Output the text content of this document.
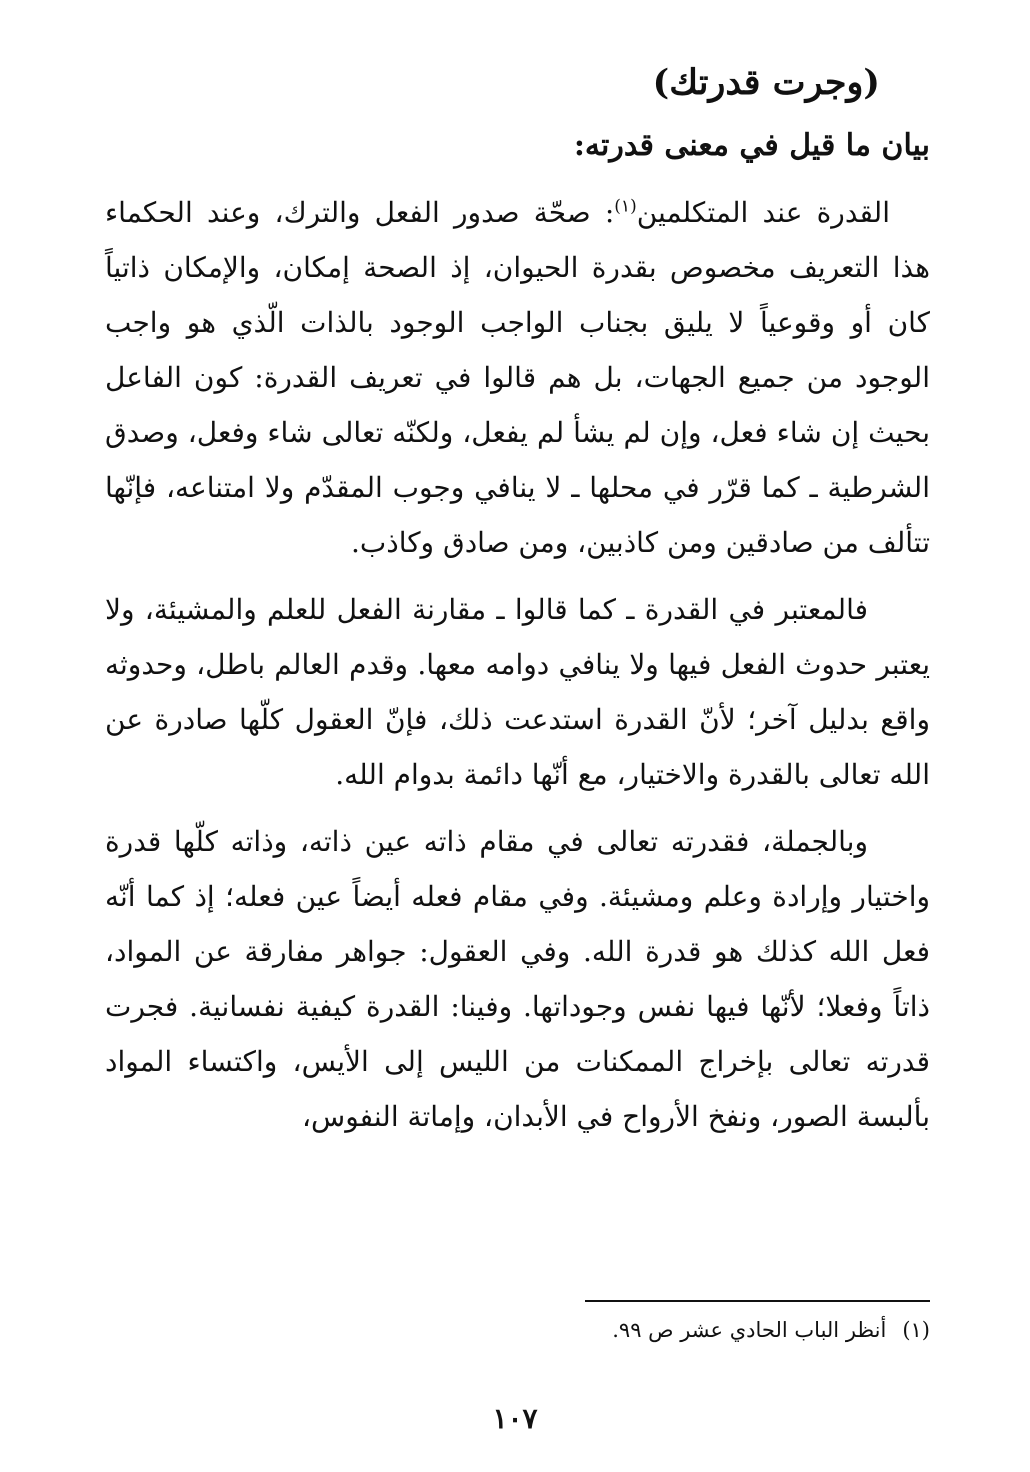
(وجرت قدرتك)
بيان ما قيل في معنى قدرته:

القدرة عند المتكلمين$^{(١)}$: صحّة صدور الفعل والترك، وعند الحكماء هذا التعريف مخصوص بقدرة الحيوان، إذ الصحة إمكان، والإمكان ذاتياً كان أو وقوعياً لا يليق بجناب الواجب الوجود بالذات الّذي هو واجب الوجود من جميع الجهات، بل هم قالوا في تعريف القدرة: كون الفاعل بحيث إن شاء فعل، وإن لم يشأ لم يفعل، ولكنّه تعالى شاء وفعل، وصدق الشرطية ـ كما قرّر في محلها ـ لا ينافي وجوب المقدّم ولا امتناعه، فإنّها تتألف من صادقين ومن كاذبين، ومن صادق وكاذب.

فالمعتبر في القدرة ـ كما قالوا ـ مقارنة الفعل للعلم والمشيئة، ولا يعتبر حدوث الفعل فيها ولا ينافي دوامه معها. وقدم العالم باطل، وحدوثه واقع بدليل آخر؛ لأنّ القدرة استدعت ذلك، فإنّ العقول كلّها صادرة عن الله تعالى بالقدرة والاختيار، مع أنّها دائمة بدوام الله.

وبالجملة، فقدرته تعالى في مقام ذاته عين ذاته، وذاته كلّها قدرة واختيار وإرادة وعلم ومشيئة. وفي مقام فعله أيضاً عين فعله؛ إذ كما أنّه فعل الله كذلك هو قدرة الله. وفي العقول: جواهر مفارقة عن المواد، ذاتاً وفعلا؛ لأنّها فيها نفس وجوداتها. وفينا: القدرة كيفية نفسانية. فجرت قدرته تعالى بإخراج الممكنات من الليس إلى الأيس، واكتساء المواد بألبسة الصور، ونفخ الأرواح في الأبدان، وإماتة النفوس،

(١)أنظر الباب الحادي عشر ص ٩٩.
١٠٧
